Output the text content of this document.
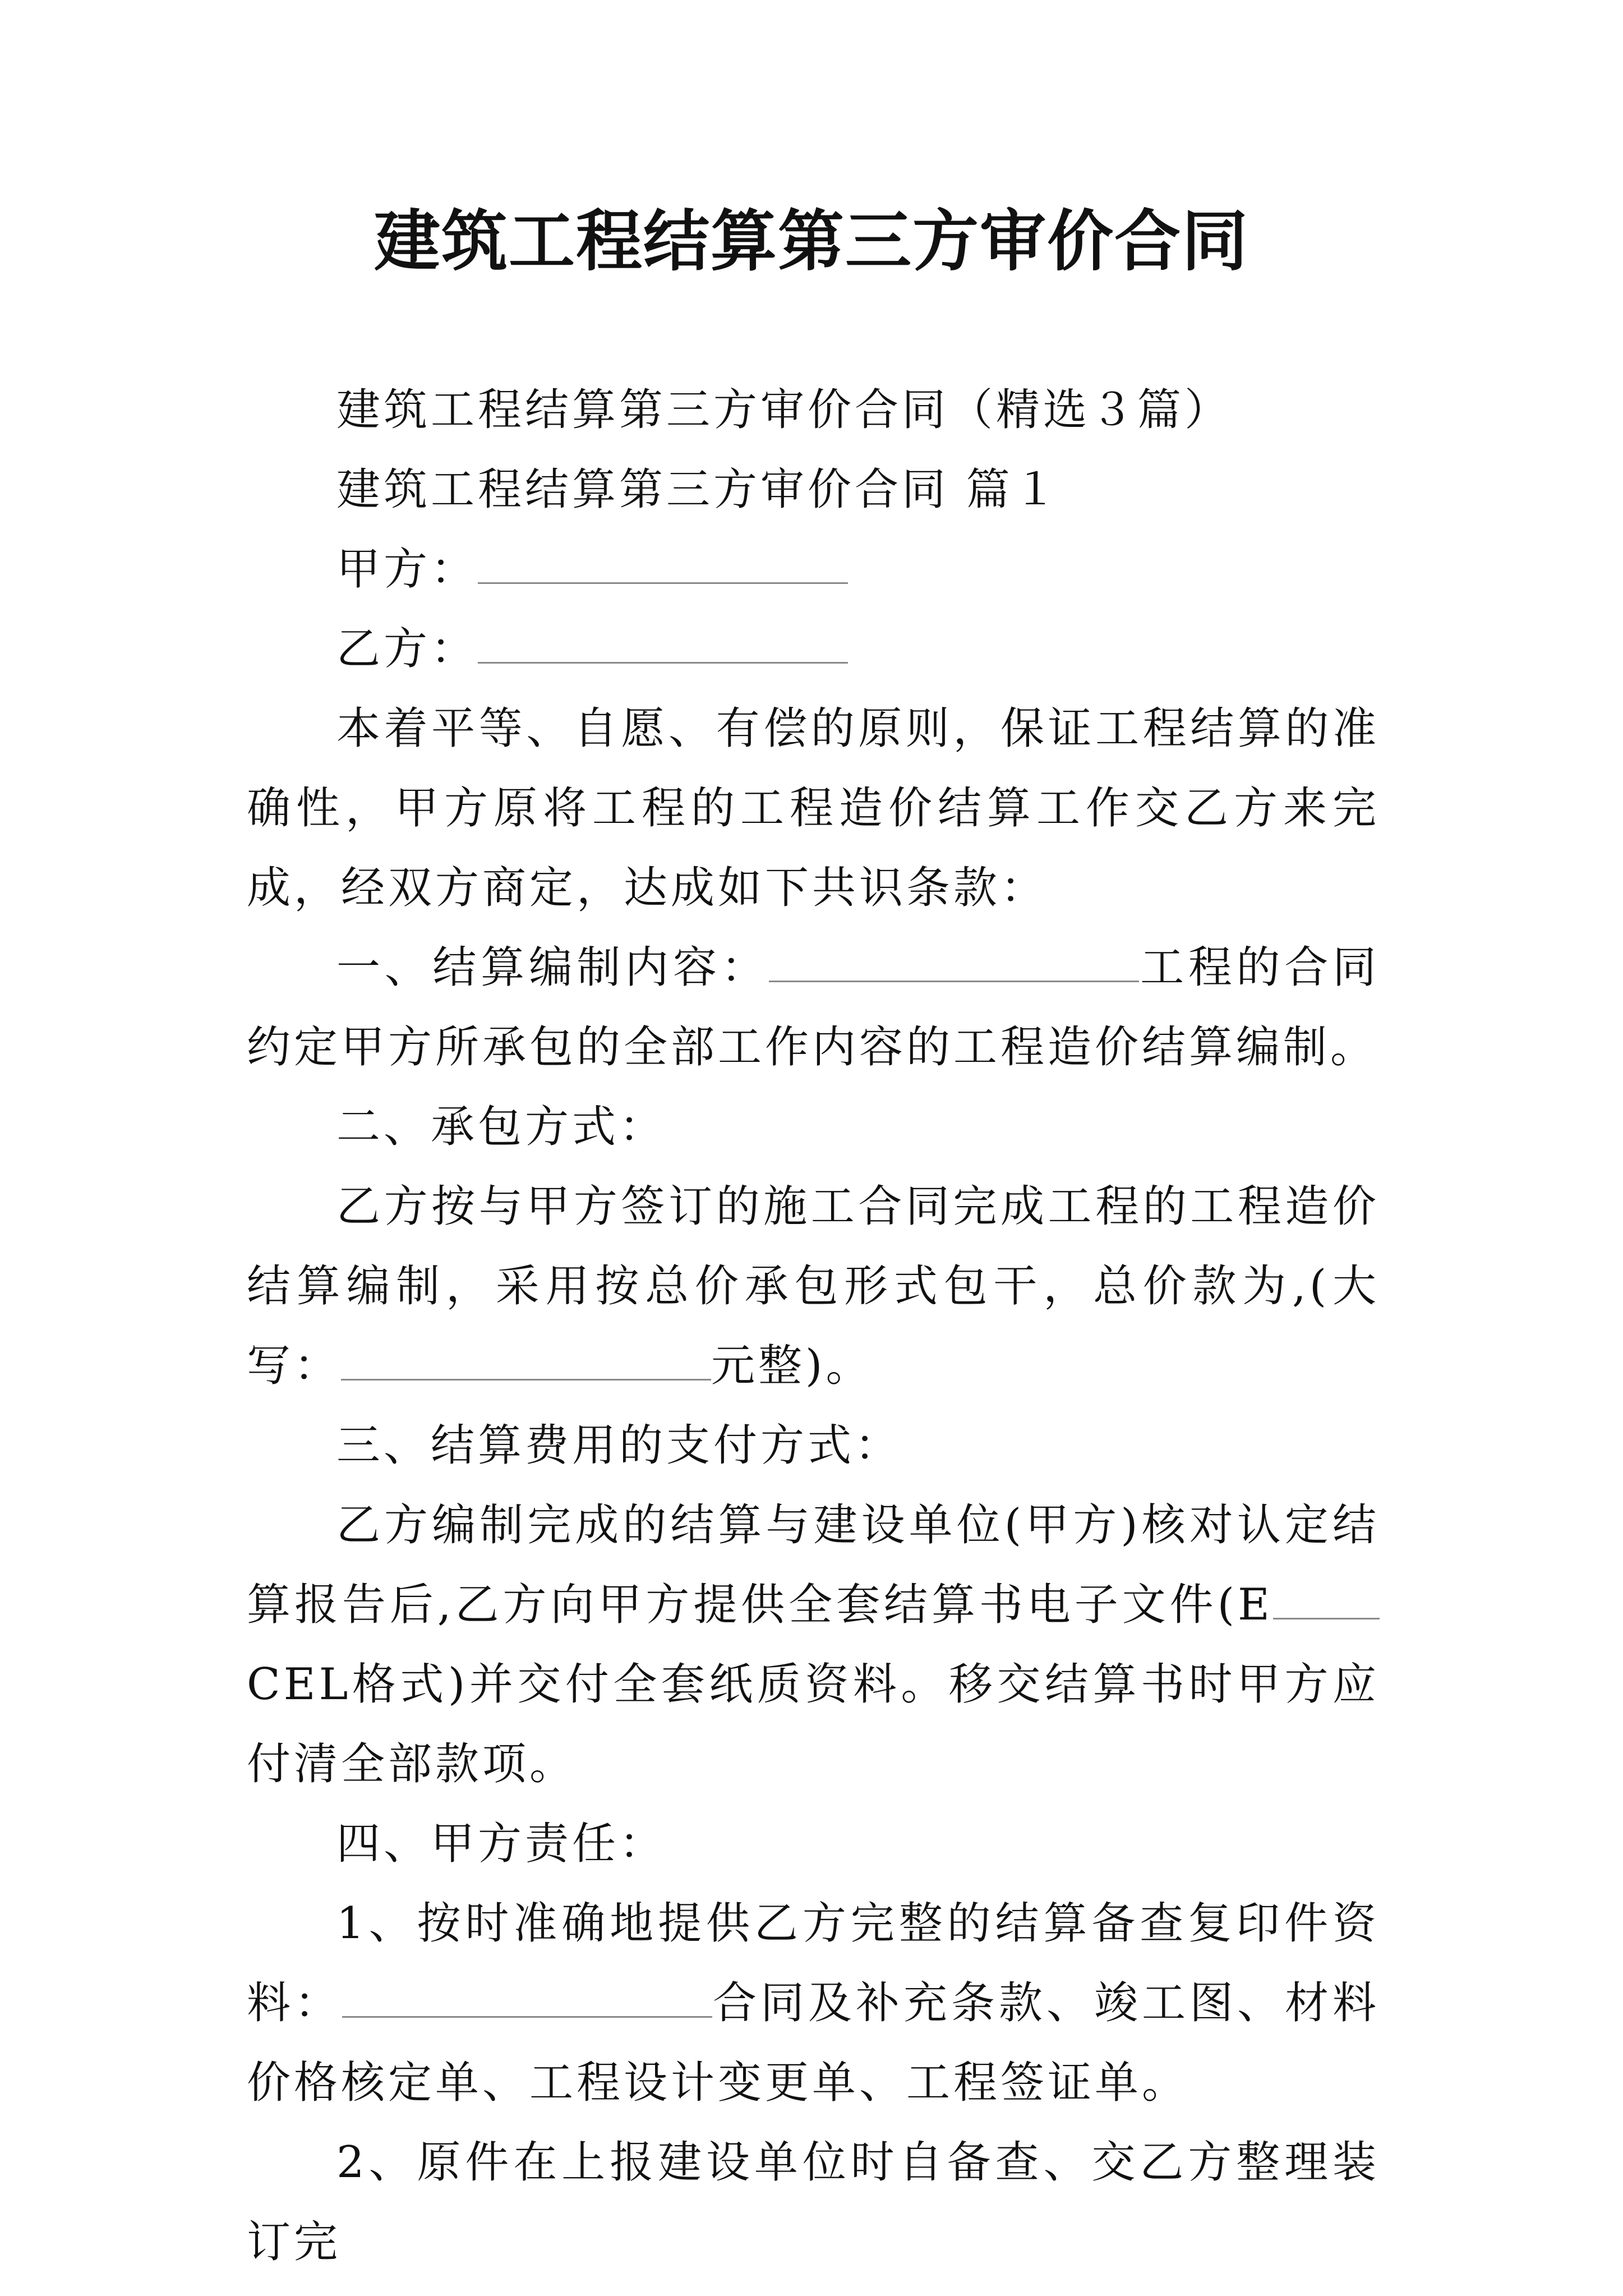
建筑工程结算第三方审价合同

建筑工程结算第三方审价合同（精选３篇）

建筑工程结算第三方审价合同 篇１

甲方：

乙方：

本着平等、自愿、有偿的原则，保证工程结算的准确性，甲方原将工程的工程造价结算工作交乙方来完成，经双方商定，达成如下共识条款：

一、结算编制内容：	工程的合同约定甲方所承包的全部工作内容的工程造价结算编制。

二、承包方式：

乙方按与甲方签订的施工合同完成工程的工程造价结算编制，采用按总价承包形式包干，总价款为,(大写：	元整)。

三、结算费用的支付方式：

乙方编制完成的结算与建设单位(甲方)核对认定结算报告后,乙方向甲方提供全套结算书电子文件(ECEL格式)并交付全套纸质资料。移交结算书时甲方应付清全部款项。

四、甲方责任：

1、按时准确地提供乙方完整的结算备查复印件资料：	合同及补充条款、竣工图、材料价格核定单、工程设计变更单、工程签证单。

2、原件在上报建设单位时自备查、交乙方整理装订完
